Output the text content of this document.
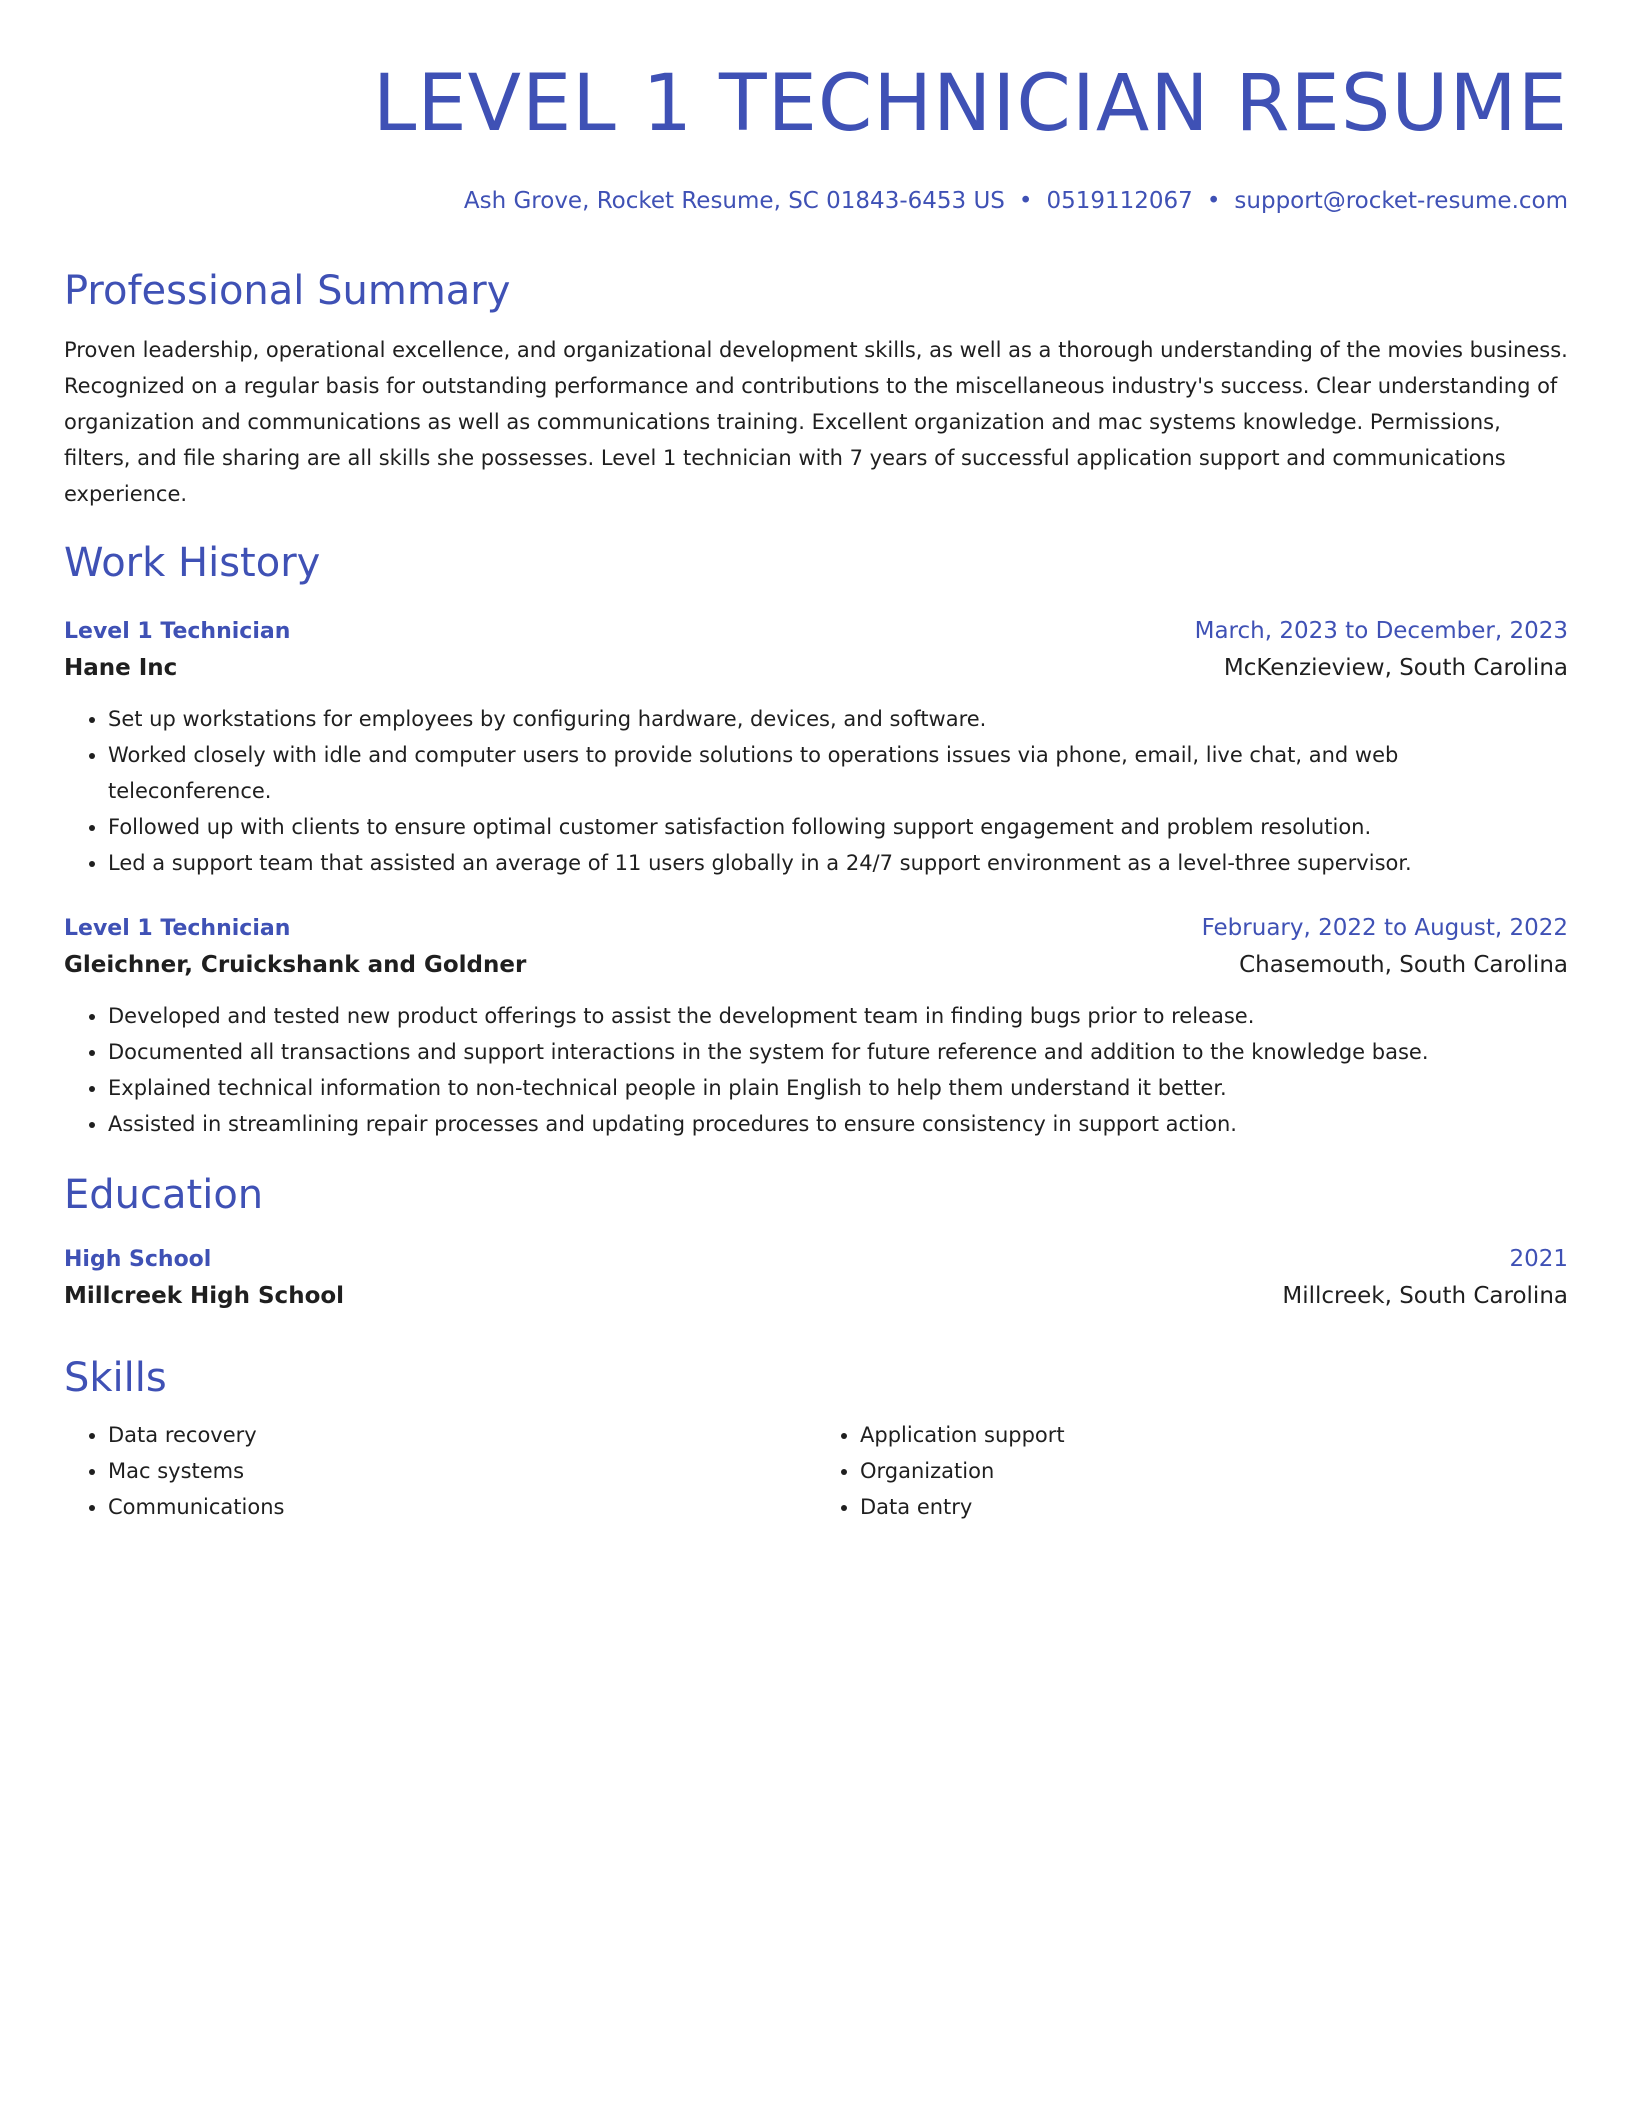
LEVEL 1 TECHNICIAN RESUME
Ash Grove, Rocket Resume, SC 01843-6453 US • 0519112067 • support@rocket-resume.com
Professional Summary
Proven leadership, operational excellence, and organizational development skills, as well as a thorough understanding of the movies business. Recognized on a regular basis for outstanding performance and contributions to the miscellaneous industry's success. Clear understanding of organization and communications as well as communications training. Excellent organization and mac systems knowledge. Permissions, filters, and file sharing are all skills she possesses. Level 1 technician with 7 years of successful application support and communications experience.
Work History
Level 1 Technician	March, 2023 to December, 2023
Hane Inc	McKenzieview, South Carolina
• Set up workstations for employees by configuring hardware, devices, and software.
• Worked closely with idle and computer users to provide solutions to operations issues via phone, email, live chat, and web teleconference.
• Followed up with clients to ensure optimal customer satisfaction following support engagement and problem resolution.
• Led a support team that assisted an average of 11 users globally in a 24/7 support environment as a level-three supervisor.
Level 1 Technician	February, 2022 to August, 2022
Gleichner, Cruickshank and Goldner	Chasemouth, South Carolina
• Developed and tested new product offerings to assist the development team in finding bugs prior to release.
• Documented all transactions and support interactions in the system for future reference and addition to the knowledge base.
• Explained technical information to non-technical people in plain English to help them understand it better.
• Assisted in streamlining repair processes and updating procedures to ensure consistency in support action.
Education
High School	2021
Millcreek High School	Millcreek, South Carolina
Skills
• Data recovery
• Mac systems
• Communications
• Application support
• Organization
• Data entry
